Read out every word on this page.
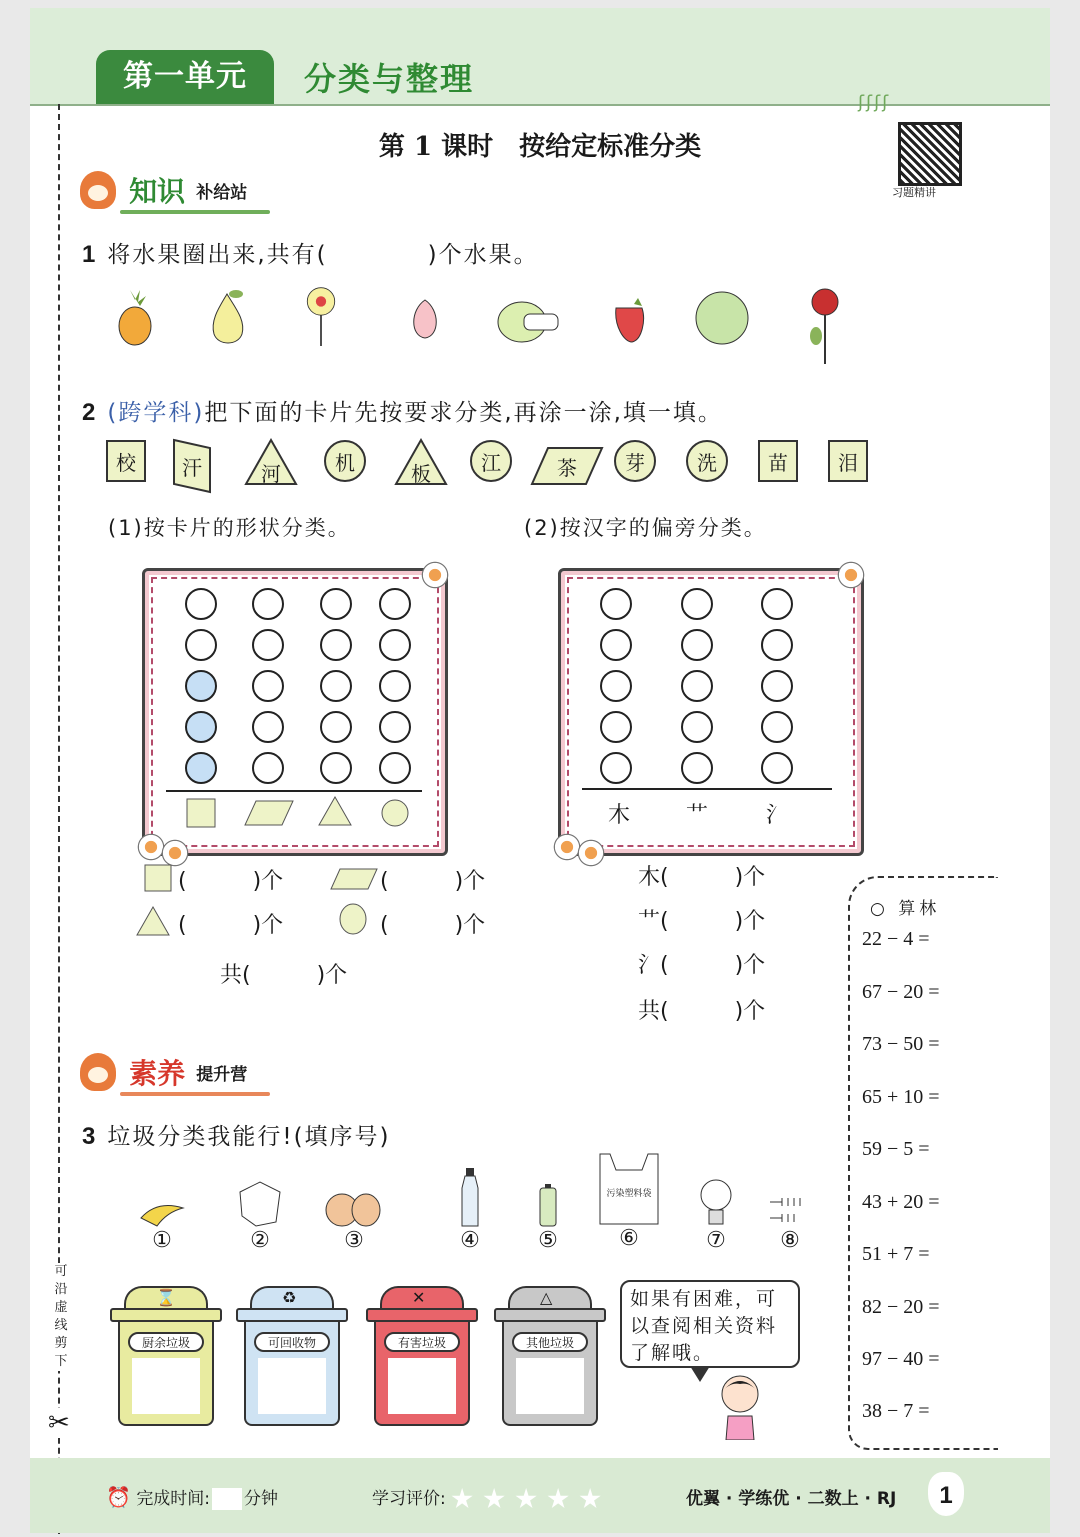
第一单元	分类与整理
ʃʃʃʃ
可沿虚线剪下
✂
第 1 课时　按给定标准分类
习题精讲
知识 补给站
1 将水果圈出来,共有(　　　　)个水果。
2 (跨学科)把下面的卡片先按要求分类,再涂一涂,填一填。
校 汗	河	机	板	江	茶 芽	洗	苗	泪
(1)按卡片的形状分类。	(2)按汉字的偏旁分类。
木	艹	氵
(　　　)个	(　　　)个
(　　　)个	(　　　)个
共(　　　)个
木(　　　)个
艹(　　　)个
氵(　　　)个
共(　　　)个
○ 算林
22 − 4 =
67 − 20 =
73 − 50 =
65 + 10 =
59 − 5 =
43 + 20 =
51 + 7 =
82 − 20 =
97 − 40 =
38 − 7 =
素养 提升营
3 垃圾分类我能行!(填序号)
①	②	③	④	⑤
污染塑料袋
⑥	⑦	⑧
⌛
厨余垃圾
♻
可回收物
✕
有害垃圾
△
其他垃圾
如果有困难，可以查阅相关资料了解哦。
⏰ 完成时间: 分钟	学习评价:	优翼 · 学练优 · 二数上 · RJ	1
